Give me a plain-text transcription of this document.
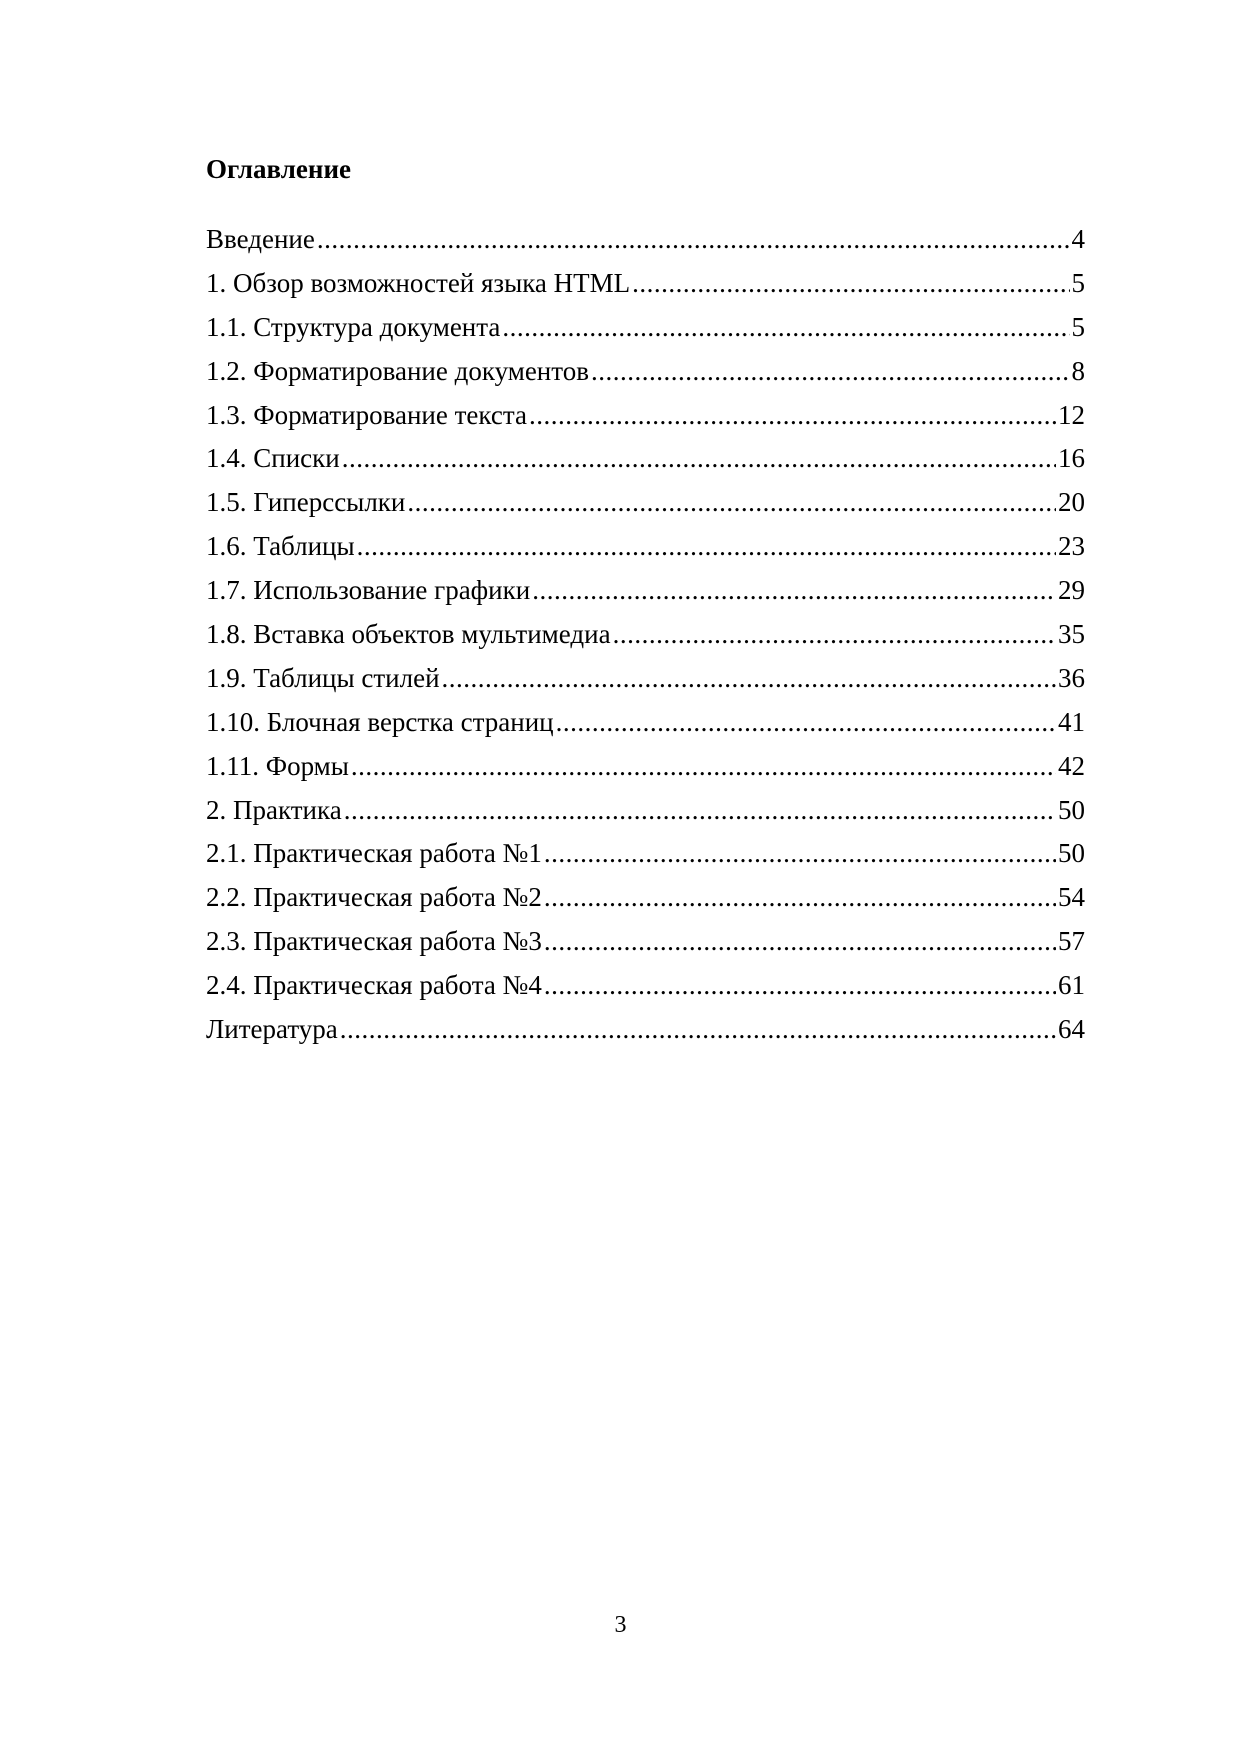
Оглавление
Введение .....	4
1. Обзор возможностей языка HTML .....	5
1.1. Структура документа .....	5
1.2. Форматирование документов .....	8
1.3. Форматирование текста .....	12
1.4. Списки .....	16
1.5. Гиперссылки .....	20
1.6. Таблицы .....	23
1.7. Использование графики .....	29
1.8. Вставка объектов мультимедиа .....	35
1.9. Таблицы стилей .....	36
1.10. Блочная верстка страниц .....	41
1.11. Формы .....	42
2. Практика .....	50
2.1. Практическая работа №1 .....	50
2.2. Практическая работа №2 .....	54
2.3. Практическая работа №3 .....	57
2.4. Практическая работа №4 .....	61
Литература .....	64

3
